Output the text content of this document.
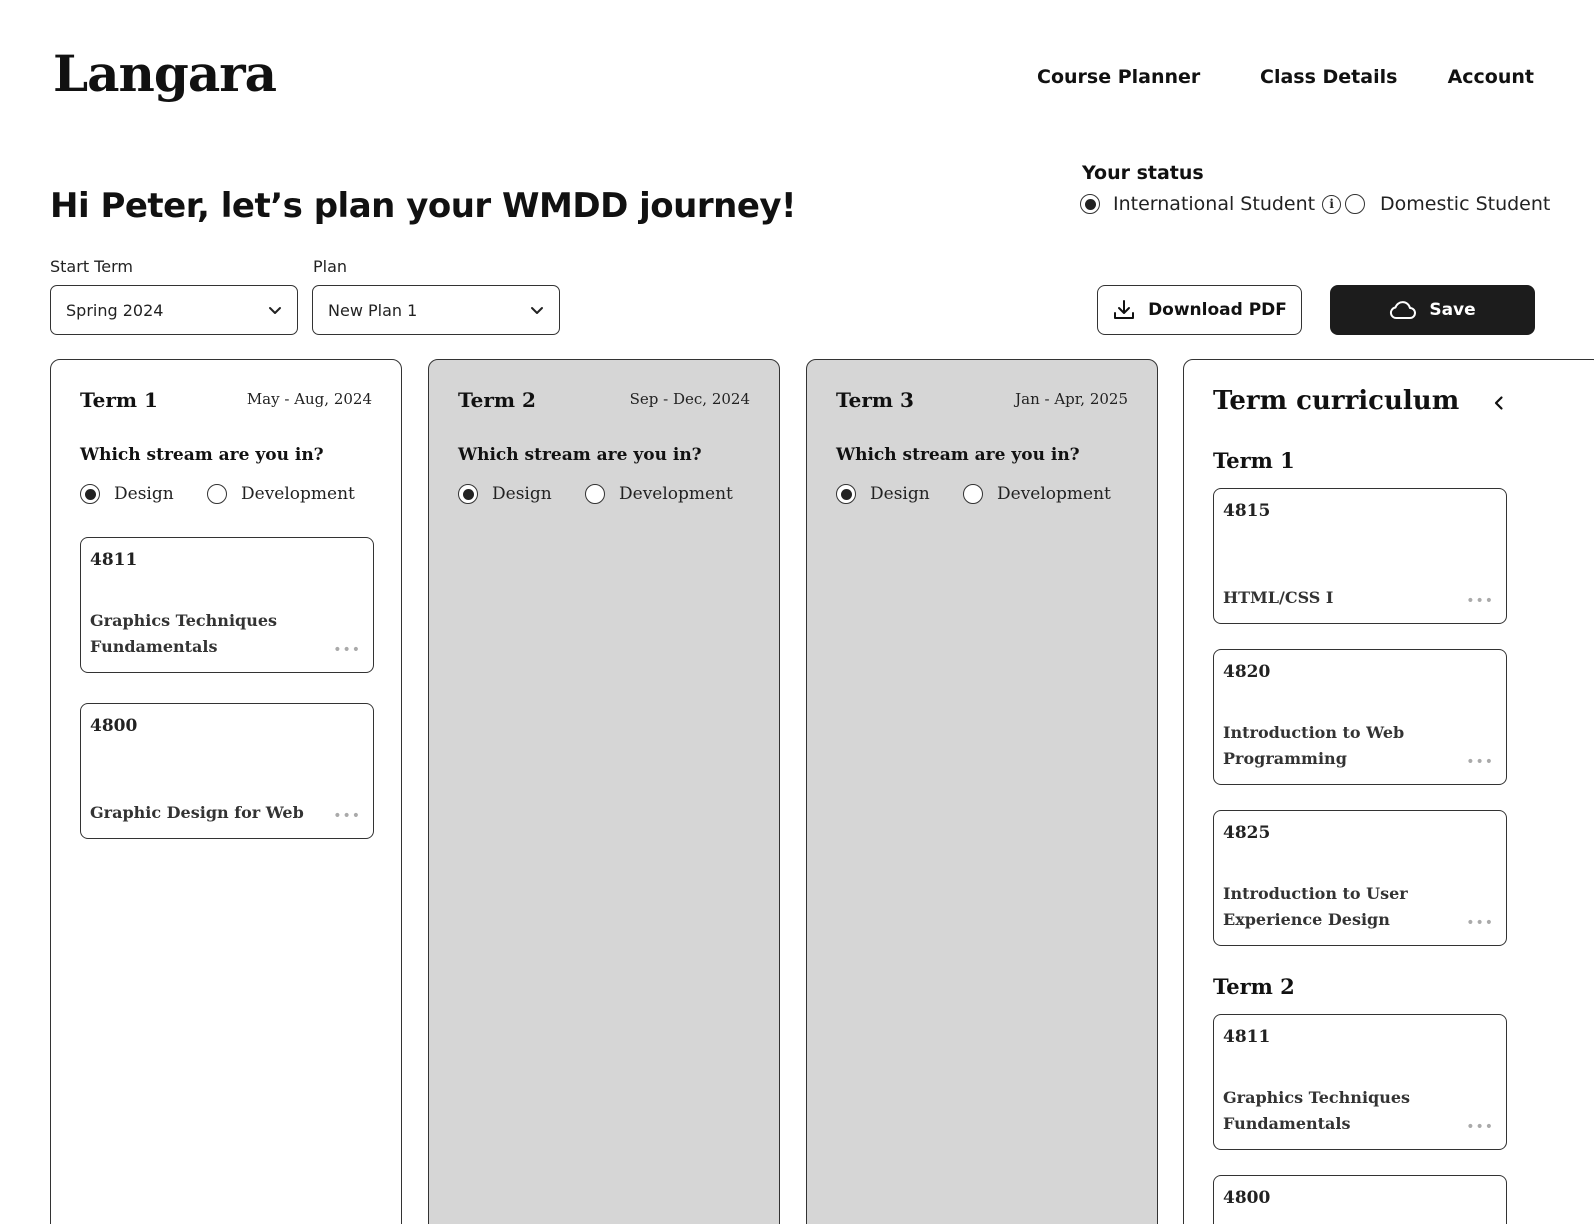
Langara	Course Planner	Class Details	Account
Hi Peter, let’s plan your WMDD journey!
Your status
International Student	i	Domestic Student
Start Term
Spring 2024
Plan
New Plan 1	Download PDF	Save
Term 1	May - Aug, 2024
Which stream are you in?
Design	Development
4811
Graphics Techniques Fundamentals	•••
4800
Graphic Design for Web	•••
Term 2	Sep - Dec, 2024
Which stream are you in?
Design	Development
Term 3	Jan - Apr, 2025
Which stream are you in?
Design	Development
Term curriculum
Term 1
4815
HTML/CSS I	•••
4820
Introduction to Web Programming	•••
4825
Introduction to User Experience Design	•••
Term 2
4811
Graphics Techniques Fundamentals	•••
4800
